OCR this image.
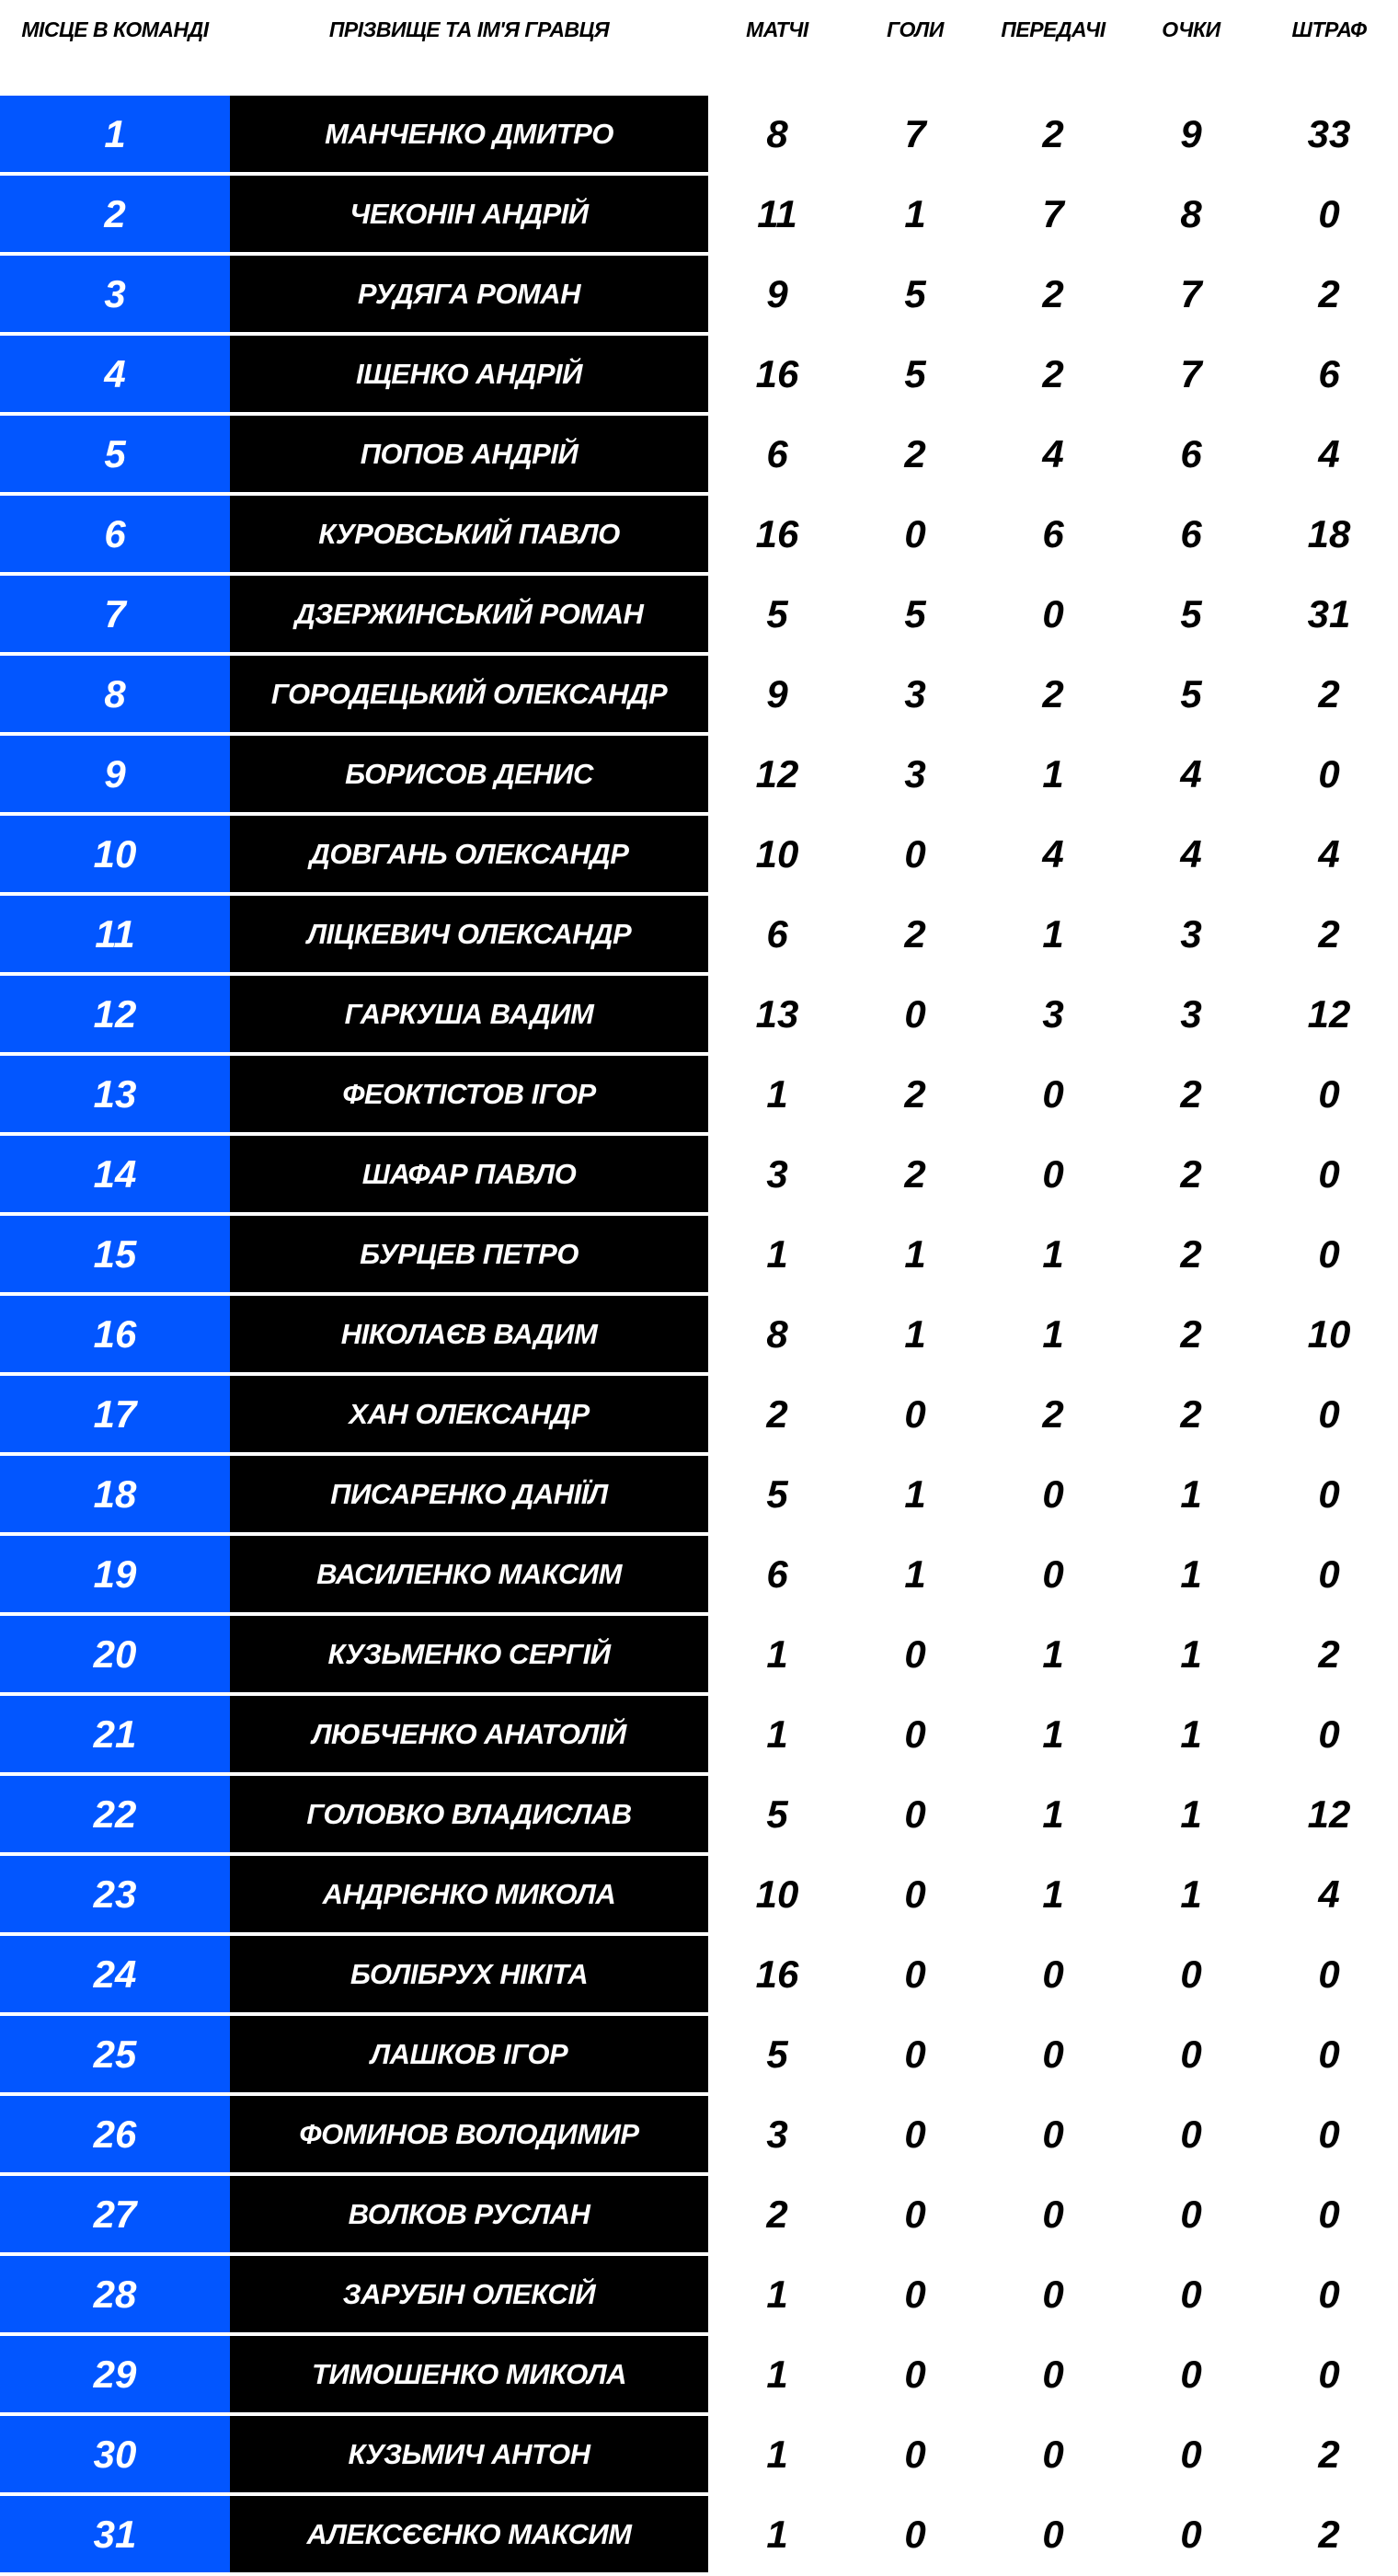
МІСЦЕ В КОМАНДІ	ПРІЗВИЩЕ ТА ІМ'Я ГРАВЦЯ	МАТЧІ	ГОЛИ	ПЕРЕДАЧІ	ОЧКИ	ШТРАФ
1	МАНЧЕНКО ДМИТРО	8	7	2	9	33
2	ЧЕКОНІН АНДРІЙ	11	1	7	8	0
3	РУДЯГА РОМАН	9	5	2	7	2
4	ІЩЕНКО АНДРІЙ	16	5	2	7	6
5	ПОПОВ АНДРІЙ	6	2	4	6	4
6	КУРОВСЬКИЙ ПАВЛО	16	0	6	6	18
7	ДЗЕРЖИНСЬКИЙ РОМАН	5	5	0	5	31
8	ГОРОДЕЦЬКИЙ ОЛЕКСАНДР	9	3	2	5	2
9	БОРИСОВ ДЕНИС	12	3	1	4	0
10	ДОВГАНЬ ОЛЕКСАНДР	10	0	4	4	4
11	ЛІЦКЕВИЧ ОЛЕКСАНДР	6	2	1	3	2
12	ГАРКУША ВАДИМ	13	0	3	3	12
13	ФЕОКТІСТОВ ІГОР	1	2	0	2	0
14	ШАФАР ПАВЛО	3	2	0	2	0
15	БУРЦЕВ ПЕТРО	1	1	1	2	0
16	НІКОЛАЄВ ВАДИМ	8	1	1	2	10
17	ХАН ОЛЕКСАНДР	2	0	2	2	0
18	ПИСАРЕНКО ДАНІЇЛ	5	1	0	1	0
19	ВАСИЛЕНКО МАКСИМ	6	1	0	1	0
20	КУЗЬМЕНКО СЕРГІЙ	1	0	1	1	2
21	ЛЮБЧЕНКО АНАТОЛІЙ	1	0	1	1	0
22	ГОЛОВКО ВЛАДИСЛАВ	5	0	1	1	12
23	АНДРІЄНКО МИКОЛА	10	0	1	1	4
24	БОЛІБРУХ НІКІТА	16	0	0	0	0
25	ЛАШКОВ ІГОР	5	0	0	0	0
26	ФОМИНОВ ВОЛОДИМИР	3	0	0	0	0
27	ВОЛКОВ РУСЛАН	2	0	0	0	0
28	ЗАРУБІН ОЛЕКСІЙ	1	0	0	0	0
29	ТИМОШЕНКО МИКОЛА	1	0	0	0	0
30	КУЗЬМИЧ АНТОН	1	0	0	0	2
31	АЛЕКСЄЄНКО МАКСИМ	1	0	0	0	2
